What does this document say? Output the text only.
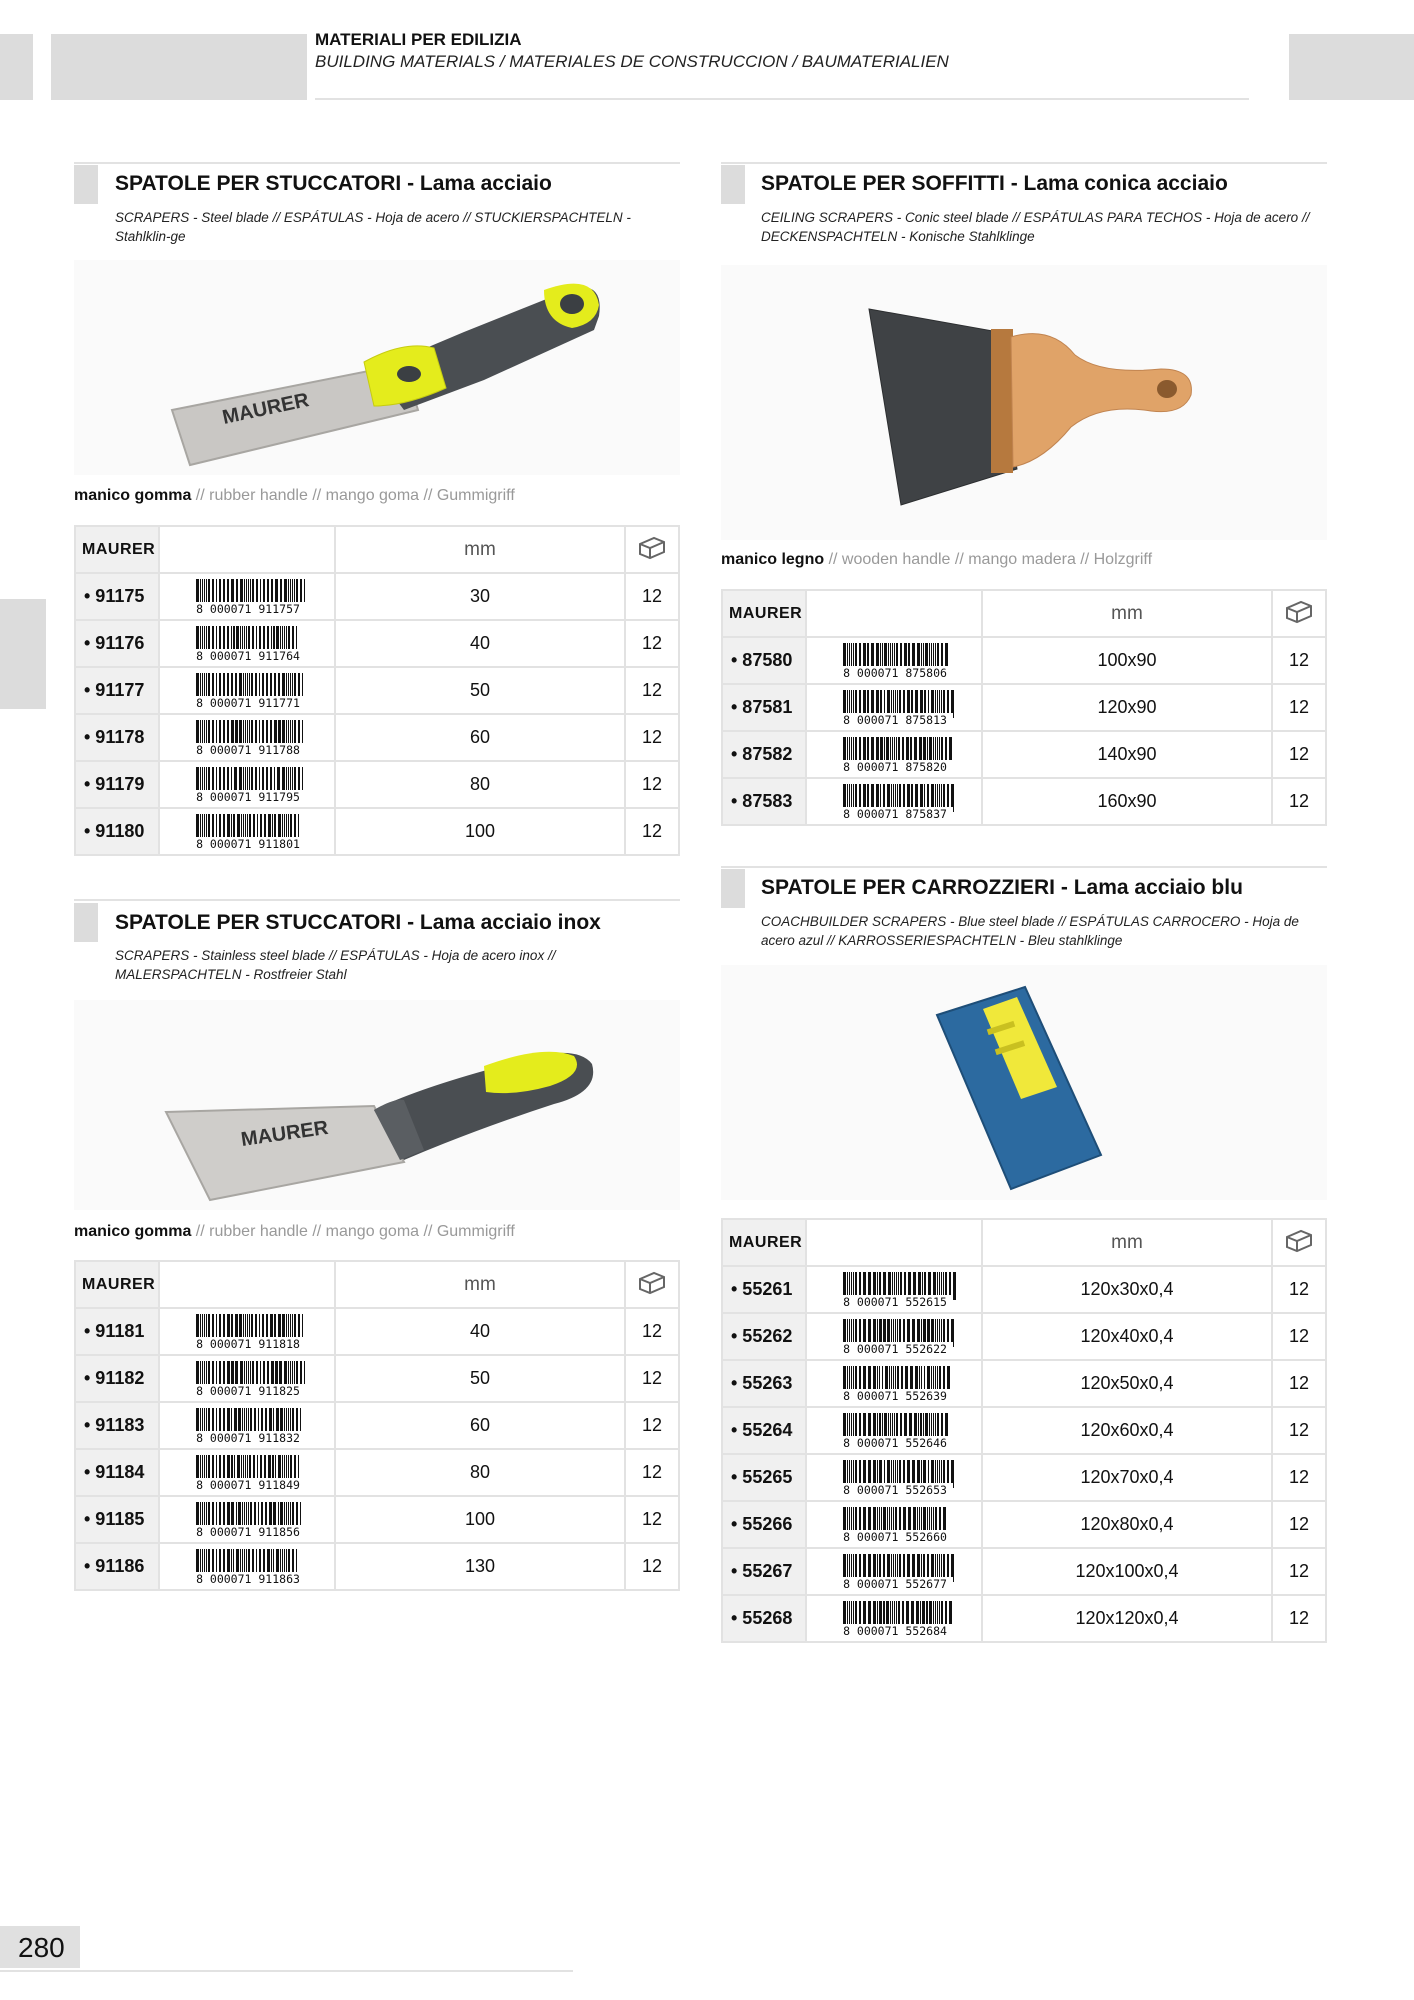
MATERIALI PER EDILIZIA
BUILDING MATERIALS / MATERIALES DE CONSTRUCCION / BAUMATERIALIEN
SPATOLE PER STUCCATORI - Lama acciaio
SCRAPERS - Steel blade // ESPÁTULAS - Hoja de acero // STUCKIERSPACHTELN - Stahlklin-ge
MAURER
manico gomma // rubber handle // mango goma // Gummigriff
MAURER		mm	
• 91175	8 000071 911757	30	12
• 91176	8 000071 911764	40	12
• 91177	8 000071 911771	50	12
• 91178	8 000071 911788	60	12
• 91179	8 000071 911795	80	12
• 91180	8 000071 911801	100	12
SPATOLE PER STUCCATORI - Lama acciaio inox
SCRAPERS - Stainless steel blade // ESPÁTULAS - Hoja de acero inox // MALERSPACHTELN - Rostfreier Stahl
MAURER
manico gomma // rubber handle // mango goma // Gummigriff
MAURER		mm	
• 91181	8 000071 911818	40	12
• 91182	8 000071 911825	50	12
• 91183	8 000071 911832	60	12
• 91184	8 000071 911849	80	12
• 91185	8 000071 911856	100	12
• 91186	8 000071 911863	130	12
SPATOLE PER SOFFITTI - Lama conica acciaio
CEILING SCRAPERS - Conic steel blade // ESPÁTULAS PARA TECHOS - Hoja de acero // DECKENSPACHTELN - Konische Stahlklinge
manico legno // wooden handle // mango madera // Holzgriff
MAURER		mm	
• 87580	8 000071 875806	100x90	12
• 87581	8 000071 875813	120x90	12
• 87582	8 000071 875820	140x90	12
• 87583	8 000071 875837	160x90	12
SPATOLE PER CARROZZIERI - Lama acciaio blu
COACHBUILDER SCRAPERS - Blue steel blade // ESPÁTULAS CARROCERO - Hoja de acero azul // KARROSSERIESPACHTELN - Bleu stahlklinge
MAURER		mm	
• 55261	8 000071 552615	120x30x0,4	12
• 55262	8 000071 552622	120x40x0,4	12
• 55263	8 000071 552639	120x50x0,4	12
• 55264	8 000071 552646	120x60x0,4	12
• 55265	8 000071 552653	120x70x0,4	12
• 55266	8 000071 552660	120x80x0,4	12
• 55267	8 000071 552677	120x100x0,4	12
• 55268	8 000071 552684	120x120x0,4	12
280
